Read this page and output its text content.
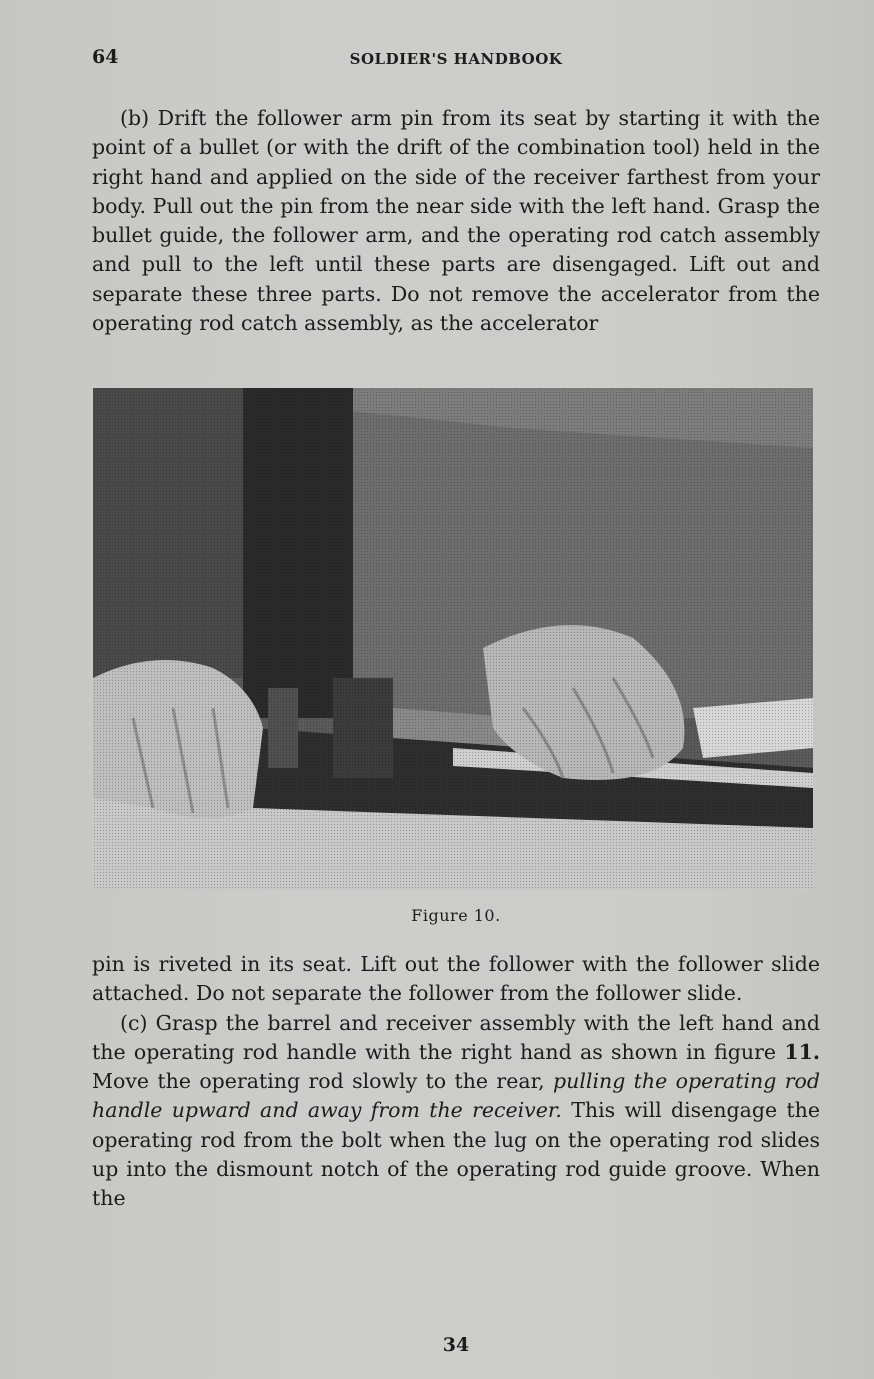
64	SOLDIER'S HANDBOOK

(b) Drift the follower arm pin from its seat by starting it with the point of a bullet (or with the drift of the combination tool) held in the right hand and applied on the side of the receiver farthest from your body. Pull out the pin from the near side with the left hand. Grasp the bullet guide, the follower arm, and the operating rod catch assembly and pull to the left until these parts are disengaged. Lift out and separate these three parts. Do not remove the accelerator from the operating rod catch assembly, as the accelerator

Figure 10.

pin is riveted in its seat. Lift out the follower with the follower slide attached. Do not separate the follower from the follower slide.

(c) Grasp the barrel and receiver assembly with the left hand and the operating rod handle with the right hand as shown in figure 11. Move the operating rod slowly to the rear, pulling the operating rod handle upward and away from the receiver. This will disengage the operating rod from the bolt when the lug on the operating rod slides up into the dismount notch of the operating rod guide groove. When the

34
